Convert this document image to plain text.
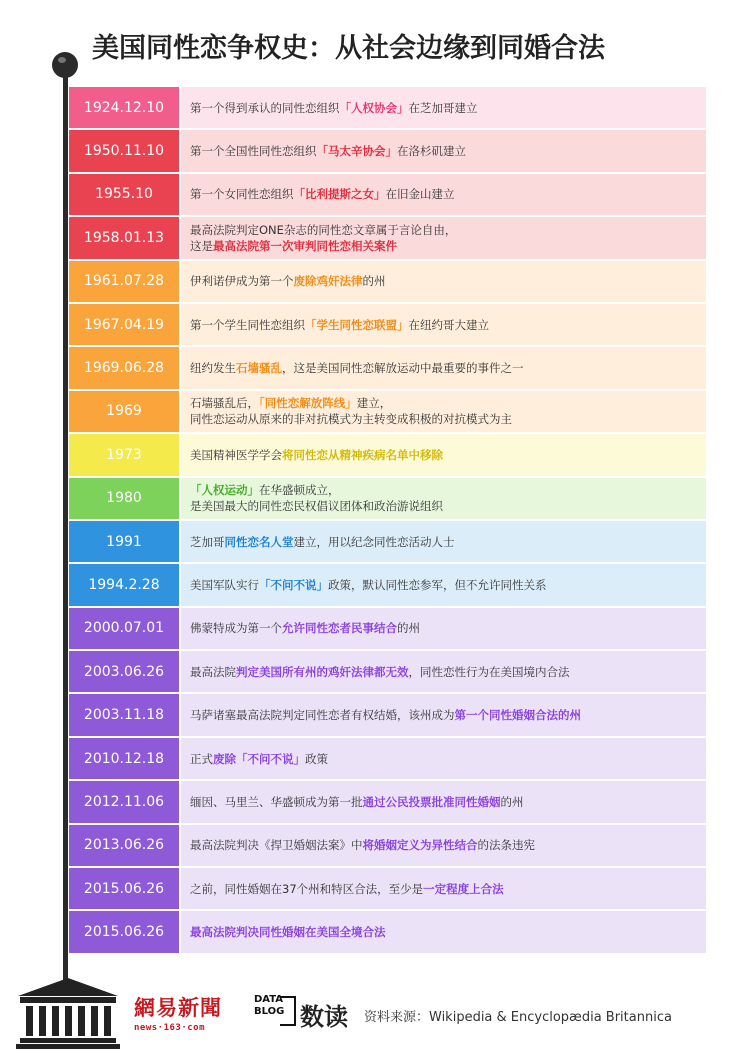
美国同性恋争权史：从社会边缘到同婚合法
1924.12.10	第一个得到承认的同性恋组织「人权协会」在芝加哥建立
1950.11.10	第一个全国性同性恋组织「马太辛协会」在洛杉矶建立
1955.10	第一个女同性恋组织「比利提斯之女」在旧金山建立
1958.01.13	最高法院判定ONE杂志的同性恋文章属于言论自由，
这是最高法院第一次审判同性恋相关案件
1961.07.28	伊利诺伊成为第一个废除鸡奸法律的州
1967.04.19	第一个学生同性恋组织「学生同性恋联盟」在纽约哥大建立
1969.06.28	纽约发生石墙骚乱，这是美国同性恋解放运动中最重要的事件之一
1969	石墙骚乱后，「同性恋解放阵线」建立，
同性恋运动从原来的非对抗模式为主转变成积极的对抗模式为主
1973	美国精神医学学会将同性恋从精神疾病名单中移除
1980	「人权运动」在华盛顿成立，
是美国最大的同性恋民权倡议团体和政治游说组织
1991	芝加哥同性恋名人堂建立，用以纪念同性恋活动人士
1994.2.28	美国军队实行「不问不说」政策，默认同性恋参军，但不允许同性关系
2000.07.01	佛蒙特成为第一个允许同性恋者民事结合的州
2003.06.26	最高法院判定美国所有州的鸡奸法律都无效，同性恋性行为在美国境内合法
2003.11.18	马萨诸塞最高法院判定同性恋者有权结婚，该州成为第一个同性婚姻合法的州
2010.12.18	正式废除「不问不说」政策
2012.11.06	缅因、马里兰、华盛顿成为第一批通过公民投票批准同性婚姻的州
2013.06.26	最高法院判决《捍卫婚姻法案》中将婚姻定义为异性结合的法条违宪
2015.06.26	之前，同性婚姻在37个州和特区合法，至少是一定程度上合法
2015.06.26	最高法院判决同性婚姻在美国全境合法
網易新聞
news·163·com
DATA
BLOG 数读 资料来源：Wikipedia & Encyclopædia Britannica
